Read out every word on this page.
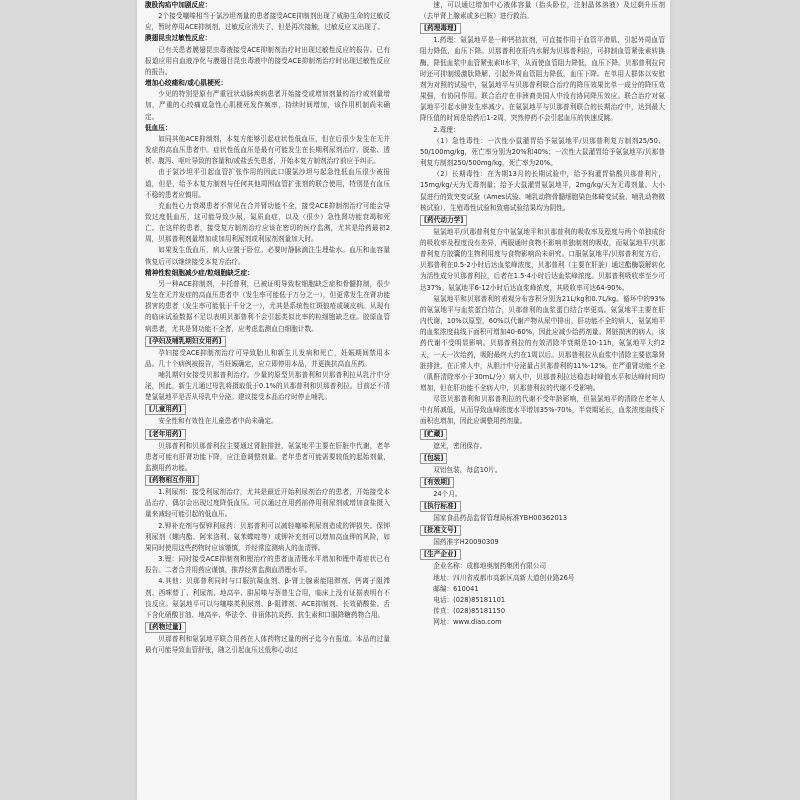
腹股沟疝中加剧反应：

2个接受噻嗪相当于氯沙坦剂量的患者接受ACE抑制剂出现了威胁生命的过敏反应，暂时停用ACE抑制剂，过敏反应消失了，但是再次接触，过敏反应又出现了。

膜翅昆虫过敏性反应：

已有关患者膜翅昆虫毒液接受ACE抑制剂治疗时出现过敏性反应的报告。已有报道应用自血液净化与膜翅目昆虫毒液中的接受ACE抑制剂治疗时出现过敏性反应的报告。

增加心绞痛和/或心肌梗死：

少见的特别是原有严重冠状动脉疾病患者开始接受或增加剂量的治疗或剂量增加，严重的心绞痛或急性心肌梗死发作频率，持续时间增加，该作用机制尚未确定。

低血压：

如同其他ACE抑制剂，本复方能够引起症状性低血压，但在后很少发生在无并发症的高血压患者中。症状性低血压是最有可能发生在长期利尿剂治疗、脱盐、透析、腹泻、呕吐导致的容量和/或盐丢失患者，开始本复方制剂治疗前应予纠正。

由于氯沙坦平引起血管扩张作用的因此口服氯沙坦与起急性低血压很少被报道，但是，给予本复方制剂与任何其他周围血管扩张剂的联合使用，特别是有血压不稳的患者应慎用。

充血性心力衰竭患者不常见在合并肾功能不全，接受ACE抑制剂治疗可能会导致过度低血压，这可能导致少尿，氮质血症，以及（很少）急性肾功能衰竭和死亡。在这样的患者，接受复方制剂治疗应该在密切的医疗监测，尤其是给药最初2周，贝那普利剂量增加或加用利尿剂或利尿剂剂量加大时。

如果发生低血压，病人应置于卧位。必要时静脉滴注生理盐水。血压和血容量恢复后可以继续接受本复方治疗。

精神性粒细胞减少症/粒细胞缺乏症：

另一种ACE抑制剂，卡托普利，已被证明导致粒细胞缺乏症和骨髓抑制，很少发生在无并发症的高血压患者中（发生率可能低于万分之一），但更常发生在肾功能损害的患者（发生率可能低于千分之一），尤其是系统性红斑狼疮或硬皮病。从现有的临床试验数据不足以表明贝那普利不会引起类似比率的粒细胞缺乏症。胶原血管病患者，尤其是肾功能不全者，应考虑监测血白细胞计数。

[孕妇及哺乳期妇女用药]

孕妇接受ACE抑制剂治疗可导致胎儿和新生儿发病和死亡，妊娠期间禁用本品。几十个病例被报告，当妊娠确定，应立即停用本品，并更换抗高血压药。

哺乳期妇女接受贝那普利治疗。少量的原型贝那普利和贝那普利拉从乳汁中分泌，因此，新生儿通过母乳将摄取低于0.1%的贝那普利和贝那普利拉。目前还不清楚氯氨地平是否从母乳中分泌。建议接受本品治疗时停止哺乳。

[儿童用药]

安全性和有效性在儿童患者中尚未确定。

[老年用药]

贝那普利和贝那普利拉主要通过肾脏排泄，氨氯地平主要在肝脏中代谢，老年患者可能有肝肾功能下降，应注意调整剂量。老年患者可能需要较低的起始剂量，监测用药功能。

[药物相互作用]

1.利尿剂：接受利尿剂治疗，尤其是最近开始利尿剂治疗的患者，开始接受本品治疗，偶尔会出现过度降低血压。可以通过在用药前停用利尿剂或增加食盐摄入量来减轻可能引起的低血压。

2.钾补充剂与保钾利尿药：贝那普利可以减轻噻嗪利尿剂造成的钾损失。保钾利尿剂（螺内酯、阿米洛利、氨苯蝶啶等）或钾补充剂可以增加高血钾的风险，如果同时使用这些药物时应该谨慎，并经常监测病人的血清钾。

3.锂：同时接受ACE抑制剂和锂治疗的患者血清锂水平增加和锂中毒症状已有报告。二者合并用药应谨慎，推荐经常监测血清锂水平。

4.其他：贝那普利同时与口服抗凝血剂、β-肾上腺素能阻滞剂、钙离子阻滞剂、西咪替丁、利尿剂、地高辛、肼屈嗪与萘普生合用，临床上没有证据表明有不良反应。氨氯地平可以与噻嗪类利尿剂、β-阻滞剂、ACE抑制剂、长效硝酸盐、舌下含化硝酸甘油、地高辛、华法令、非甾体抗炎药、抗生素和口服降糖药物合用。

[药物过量]

贝那普利和氨氯地平联合用药在人体药物过量的例子迄今有报道。本品的过量最有可能导致血管舒张，随之引起血压过低和心动过

速，可以通过增加中心液体容量（抬头卧位，注射晶体溶液）及过剩升压剂（去甲肾上腺素或多巴胺）进行救治。

[药理毒理]

1.药理：氨氯地平是一种钙拮抗剂，可直接作用于血管平滑肌，引起外周血管阻力降低，血压下降。贝那普利在肝内水解为贝那普利拉，可抑制血管紧张素转换酶，降低血浆中血管紧张素II水平，从而使血管阻力降低，血压下降。贝那普利拉同时还可抑制缓激肽降解，引起外周血管阻力降低，血压下降。在单用人群体以安慰剂为对照的试验中，氨氯地平与贝那普利联合治疗的降压效果比单一成分的降压效果强，有协同作用。联合治疗在非洲裔美国人中没有协同降压效应。联合治疗对氨氯地平引起水肿发生率减少。在氨氯地平与贝那普利联合的长期治疗中，达到最大降压值的时间是给药后1-2周，突然停药不会引起血压的快速反跳。

2.毒理：

（1）急性毒性：一次性小鼠灌胃给予氨氯地平/贝那普利复方制剂25/50、50/100mg/kg，死亡率分别为20%和40%；一次性大鼠灌胃给予氨氯地平/贝那普利复方制剂250/500mg/kg，死亡率为20%。

（2）长期毒性：在为期13月的长期试验中，给予狗灌胃盐酸贝那普利片，15mg/kg/天为无毒剂量；给予大鼠灌胃氨氯地平，2mg/kg/天为无毒剂量。大小鼠进行的致突变试验（Ames试验、哺乳动物骨髓细胞染色体畸变试验、哺乳动物微核试验）、生殖毒性试验和致癌试验结果均为阴性。

[药代动力学]

氨氯地平/贝那普利复方中氨氯地平和贝那普利的吸收率及程度与两个单独成份的吸收率及程度没有差异，两服通时食物不影响单独制剂的吸收，而氨氯地平/贝那普利复方胶囊的生物利用度与食物影响尚未研究。口服氨氯地平/贝那普利复方后，贝那普利在0.5-2小时后达血浆峰浓度，贝那普利（主要在肝脏）通过酯酶裂解转化为活性成分贝那普利拉，后者在1.5-4小时后达血浆峰浓度。贝那普利吸收率至少可达37%。氨氯地平6-12小时后达血浆峰浓度，其吸收率可达64-90%。

氨氯地平和贝那普利的表观分布容积分别为21L/kg和0.7L/kg。循环中的93%的氨氯地平与血浆蛋白结合，贝那普利的血浆蛋白结合率更高。氨氯地平主要在肝内代谢，10%以原型，60%以代谢产物从尿中排出，肝功能不全的病人，氨氯地平的血浆浓度曲线下面积可增加40-60%，因此应减少给药剂量。肾脏损害的病人，该药代谢不受明显影响。贝那普利拉的有效清除半衰期是10-11h，氨氯地平大约2天，一天一次给药，吸附最终大约在1周以后。贝那普利拉从血浆中清除主要依靠肾脏排泄，在正常人中，从胆汁中分泌量占贝那普利的11%-12%。在严重肾功能不全（肌酐清除率小于30mL/分）病人中，贝那普利拉达稳态时峰值水平和达峰时间均增加，但在肝功能不全病人中，贝那普利拉的代谢不受影响。

尽管贝那普利和贝那普利拉的代谢不受年龄影响，但氨氯地平的清除在老年人中有所减低，从而导致血峰浓度水平增加35%-70%，半衰期延长，血浆浓度曲线下面积也增加，因此应调整用药剂量。

[贮藏]

遮光，密闭保存。

[包装]

双铝包装，每盒10片。

[有效期]

24个月。

[执行标准]

国家食品药品监督管理局标准YBH00362013

[批准文号]

国药准字H20090309

[生产企业]

企业名称：成都地奥制药集团有限公司

地址：四川省成都市高新区高新大道创业路26号

邮编：610041

电话：(028)85181101

传真：(028)85181150

网址：www.diao.com
